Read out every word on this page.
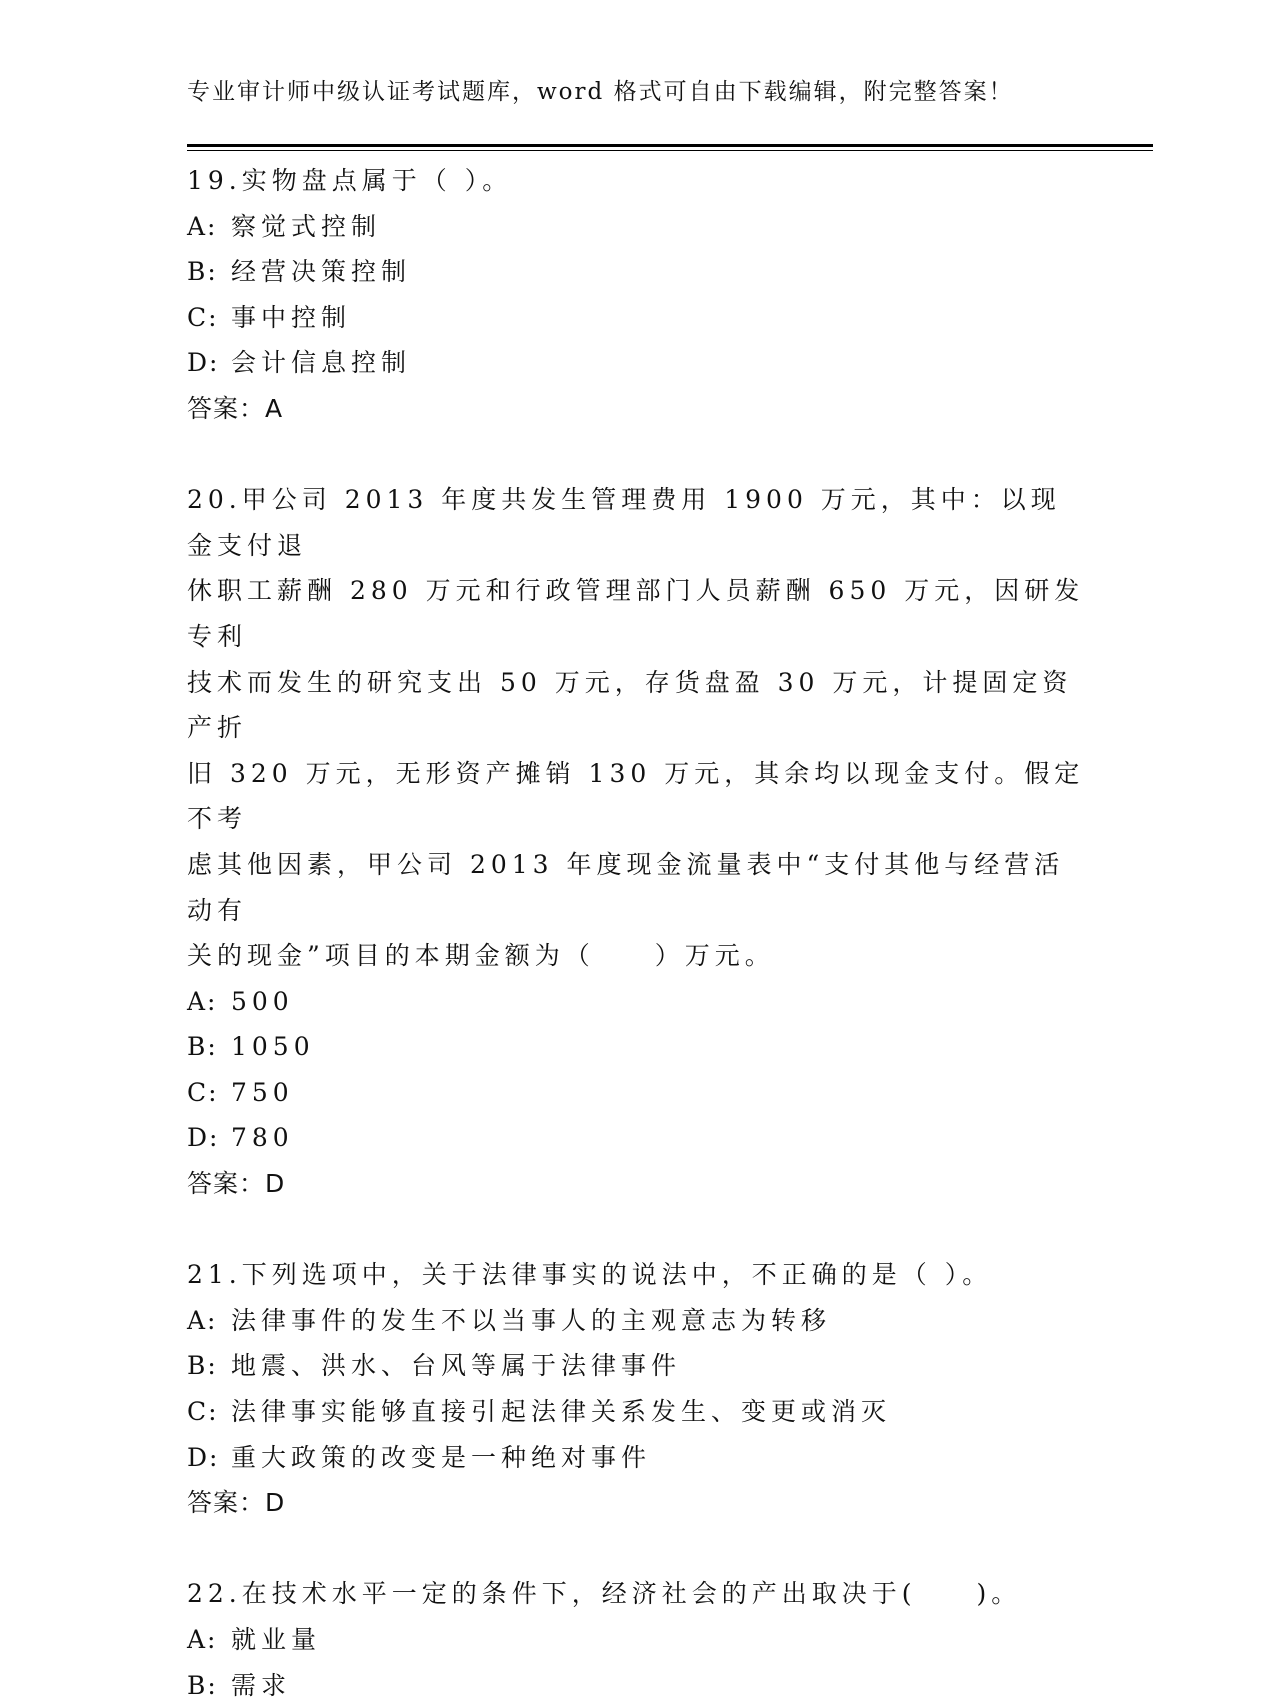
专业审计师中级认证考试题库，word 格式可自由下载编辑，附完整答案！

19.实物盘点属于（ ）。

A: 察觉式控制

B: 经营决策控制

C: 事中控制

D: 会计信息控制

答案：A

20.甲公司 2013 年度共发生管理费用 1900 万元，其中：以现金支付退

休职工薪酬 280 万元和行政管理部门人员薪酬 650 万元，因研发专利

技术而发生的研究支出 50 万元，存货盘盈 30 万元，计提固定资产折

旧 320 万元，无形资产摊销 130 万元，其余均以现金支付。假定不考

虑其他因素，甲公司 2013 年度现金流量表中“支付其他与经营活动有

关的现金”项目的本期金额为（　　）万元。

A: 500

B: 1050

C: 750

D: 780

答案：D

21.下列选项中，关于法律事实的说法中，不正确的是（ ）。

A: 法律事件的发生不以当事人的主观意志为转移

B: 地震、洪水、台风等属于法律事件

C: 法律事实能够直接引起法律关系发生、变更或消灭

D: 重大政策的改变是一种绝对事件

答案：D

22.在技术水平一定的条件下，经济社会的产出取决于(　　)。

A: 就业量

B: 需求
